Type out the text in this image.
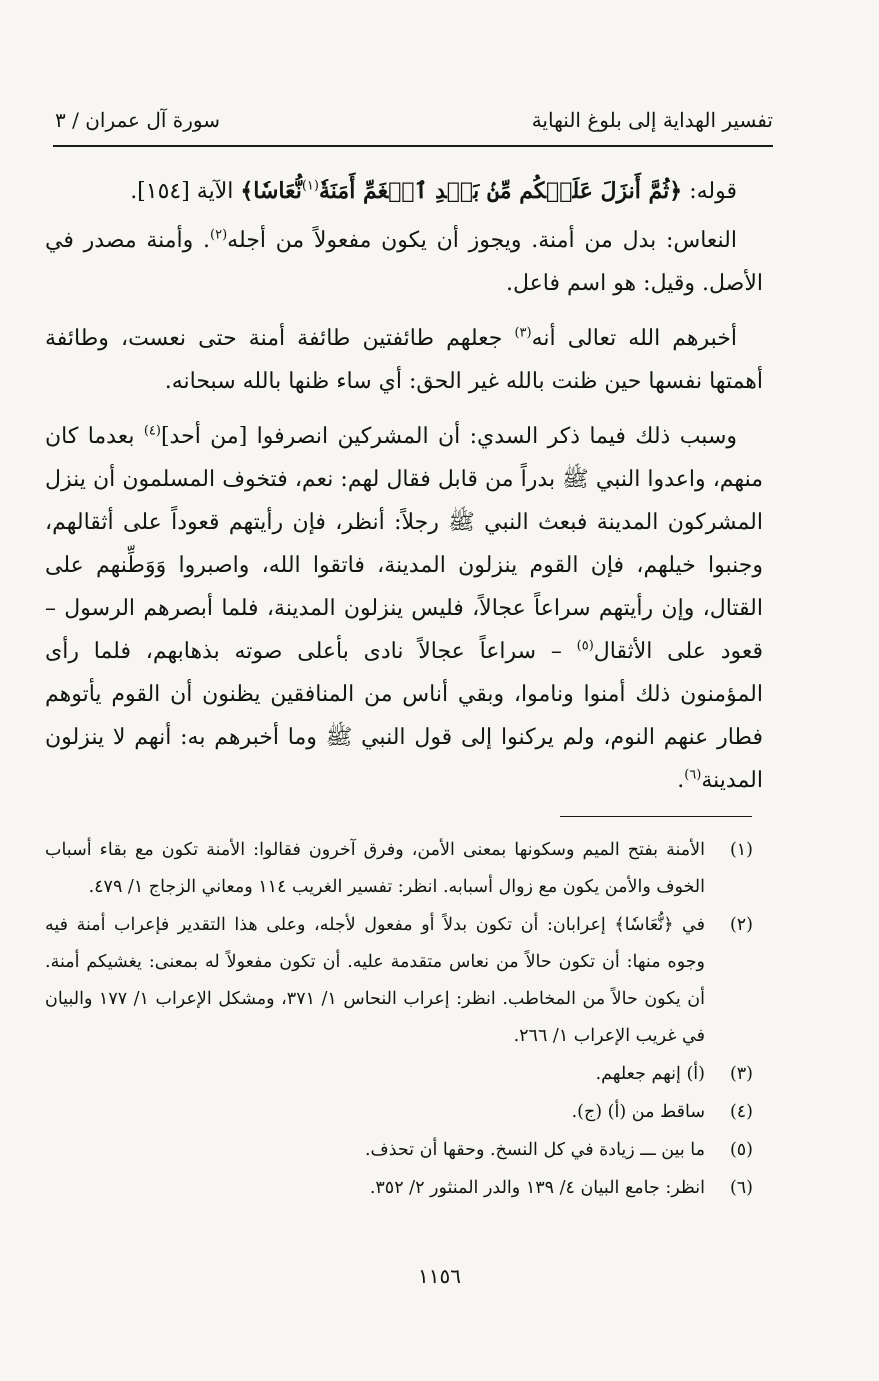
تفسير الهداية إلى بلوغ النهاية
سورة آل عمران / ٣

قوله: ﴿ثُمَّ أَنزَلَ عَلَيۡكُم مِّنۢ بَعۡدِ ٱلۡغَمِّ أَمَنَةٗ$^{(١)}$نُّعَاسٗا﴾ الآية [١٥٤].

النعاس: بدل من أمنة. ويجوز أن يكون مفعولاً من أجله$^{(٢)}$. وأمنة مصدر في الأصل. وقيل: هو اسم فاعل.

أخبرهم الله تعالى أنه$^{(٣)}$ جعلهم طائفتين طائفة أمنة حتى نعست، وطائفة أهمتها نفسها حين ظنت بالله غير الحق: أي ساء ظنها بالله سبحانه.

وسبب ذلك فيما ذكر السدي: أن المشركين انصرفوا [من أحد]$^{(٤)}$ بعدما كان منهم، واعدوا النبي ﷺ بدراً من قابل فقال لهم: نعم، فتخوف المسلمون أن ينزل المشركون المدينة فبعث النبي ﷺ رجلاً: أنظر، فإن رأيتهم قعوداً على أثقالهم، وجنبوا خيلهم، فإن القوم ينزلون المدينة، فاتقوا الله، واصبروا وَوَطِّنهم على القتال، وإن رأيتهم سراعاً عجالاً، فليس ينزلون المدينة، فلما أبصرهم الرسول – قعود على الأثقال$^{(٥)}$ – سراعاً عجالاً نادى بأعلى صوته بذهابهم، فلما رأى المؤمنون ذلك أمنوا وناموا، وبقي أناس من المنافقين يظنون أن القوم يأتوهم فطار عنهم النوم، ولم يركنوا إلى قول النبي ﷺ وما أخبرهم به: أنهم لا ينزلون المدينة$^{(٦)}$.

(١)
الأمنة بفتح الميم وسكونها بمعنى الأمن، وفرق آخرون فقالوا: الأمنة تكون مع بقاء أسباب الخوف والأمن يكون مع زوال أسبابه. انظر: تفسير الغريب ١١٤ ومعاني الزجاج ١/ ٤٧٩.
(٢)
في ﴿نُّعَاسٗا﴾ إعرابان: أن تكون بدلاً أو مفعول لأجله، وعلى هذا التقدير فإعراب أمنة فيه وجوه منها: أن تكون حالاً من نعاس متقدمة عليه. أن تكون مفعولاً له بمعنى: يغشيكم أمنة. أن يكون حالاً من المخاطب. انظر: إعراب النحاس ١/ ٣٧١، ومشكل الإعراب ١/ ١٧٧ والبيان في غريب الإعراب ١/ ٢٦٦.
(٣)
(أ) إنهم جعلهم.
(٤)
ساقط من (أ) (ج).
(٥)
ما بين ـــ زيادة في كل النسخ. وحقها أن تحذف.
(٦)
انظر: جامع البيان ٤/ ١٣٩ والدر المنثور ٢/ ٣٥٢.
١١٥٦
